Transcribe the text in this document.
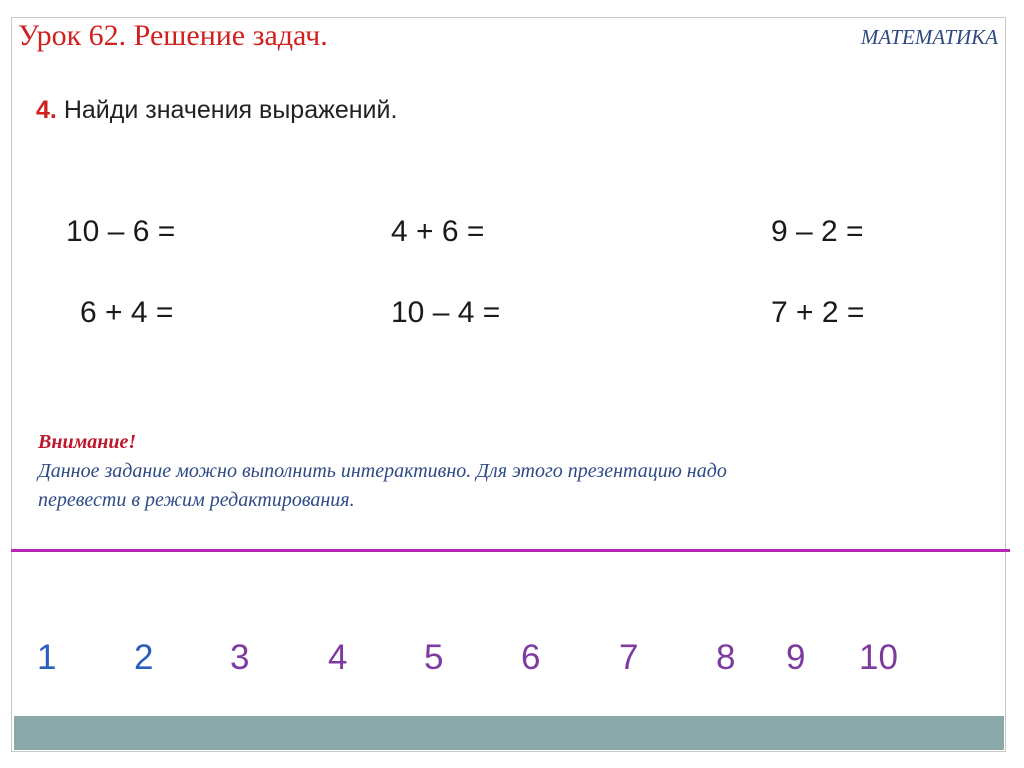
Урок 62. Решение задач.	МАТЕМАТИКА
4. Найди значения выражений.
10 – 6 =	4 + 6 =	9 – 2 =
6 + 4 =	10 – 4 =	7 + 2 =
Внимание!
Данное задание можно выполнить интерактивно. Для этого презентацию надо
перевести в режим редактирования.
1 2 3 4 5 6 7 8 9 10
